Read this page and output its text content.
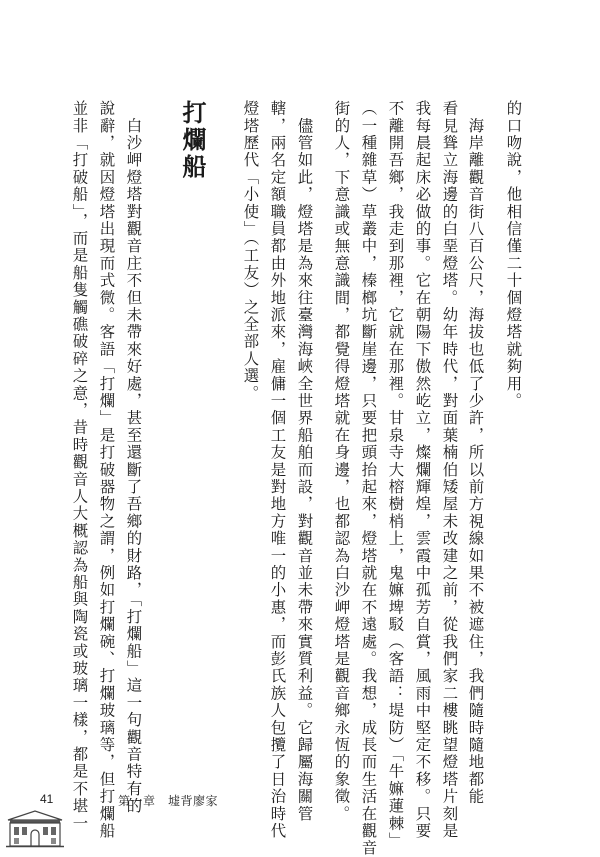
的口吻說，他相信僅二十個燈塔就夠用。
　海岸離觀音街八百公尺，海拔也低了少許，所以前方視線如果不被遮住，我們隨時隨地都能
看見聳立海邊的白堊燈塔。幼年時代，對面葉楠伯矮屋未改建之前，從我們家二樓眺望燈塔片刻是
我每晨起床必做的事。它在朝陽下傲然屹立，燦爛輝煌，雲霞中孤芳自賞，風雨中堅定不移。只要
不離開吾鄉，我走到那裡，它就在那裡。甘泉寺大榕樹梢上，鬼嫲埤駁（客語：堤防）「牛嫲蓮棘」
（一種雜草）草叢中，榛榔坑斷崖邊，只要把頭抬起來，燈塔就在不遠處。我想，成長而生活在觀音
街的人，下意識或無意識間，都覺得燈塔就在身邊，也都認為白沙岬燈塔是觀音鄉永恆的象徵。
　儘管如此，燈塔是為來往臺灣海峽全世界船舶而設，對觀音並未帶來實質利益。它歸屬海關管
轄，兩名定額職員都由外地派來，雇傭一個工友是對地方唯一的小惠，而彭氏族人包攬了日治時代
燈塔歷代「小使」（工友）之全部人選。
打爛船
　白沙岬燈塔對觀音庄不但未帶來好處，甚至還斷了吾鄉的財路，「打爛船」這一句觀音特有的
說辭，就因燈塔出現而式微。客語「打爛」是打破器物之謂，例如打爛碗、打爛玻璃等，但打爛船
並非「打破船」，而是船隻觸礁破碎之意，昔時觀音人大概認為船與陶瓷或玻璃一樣，都是不堪一
41	第一章　墟背廖家
